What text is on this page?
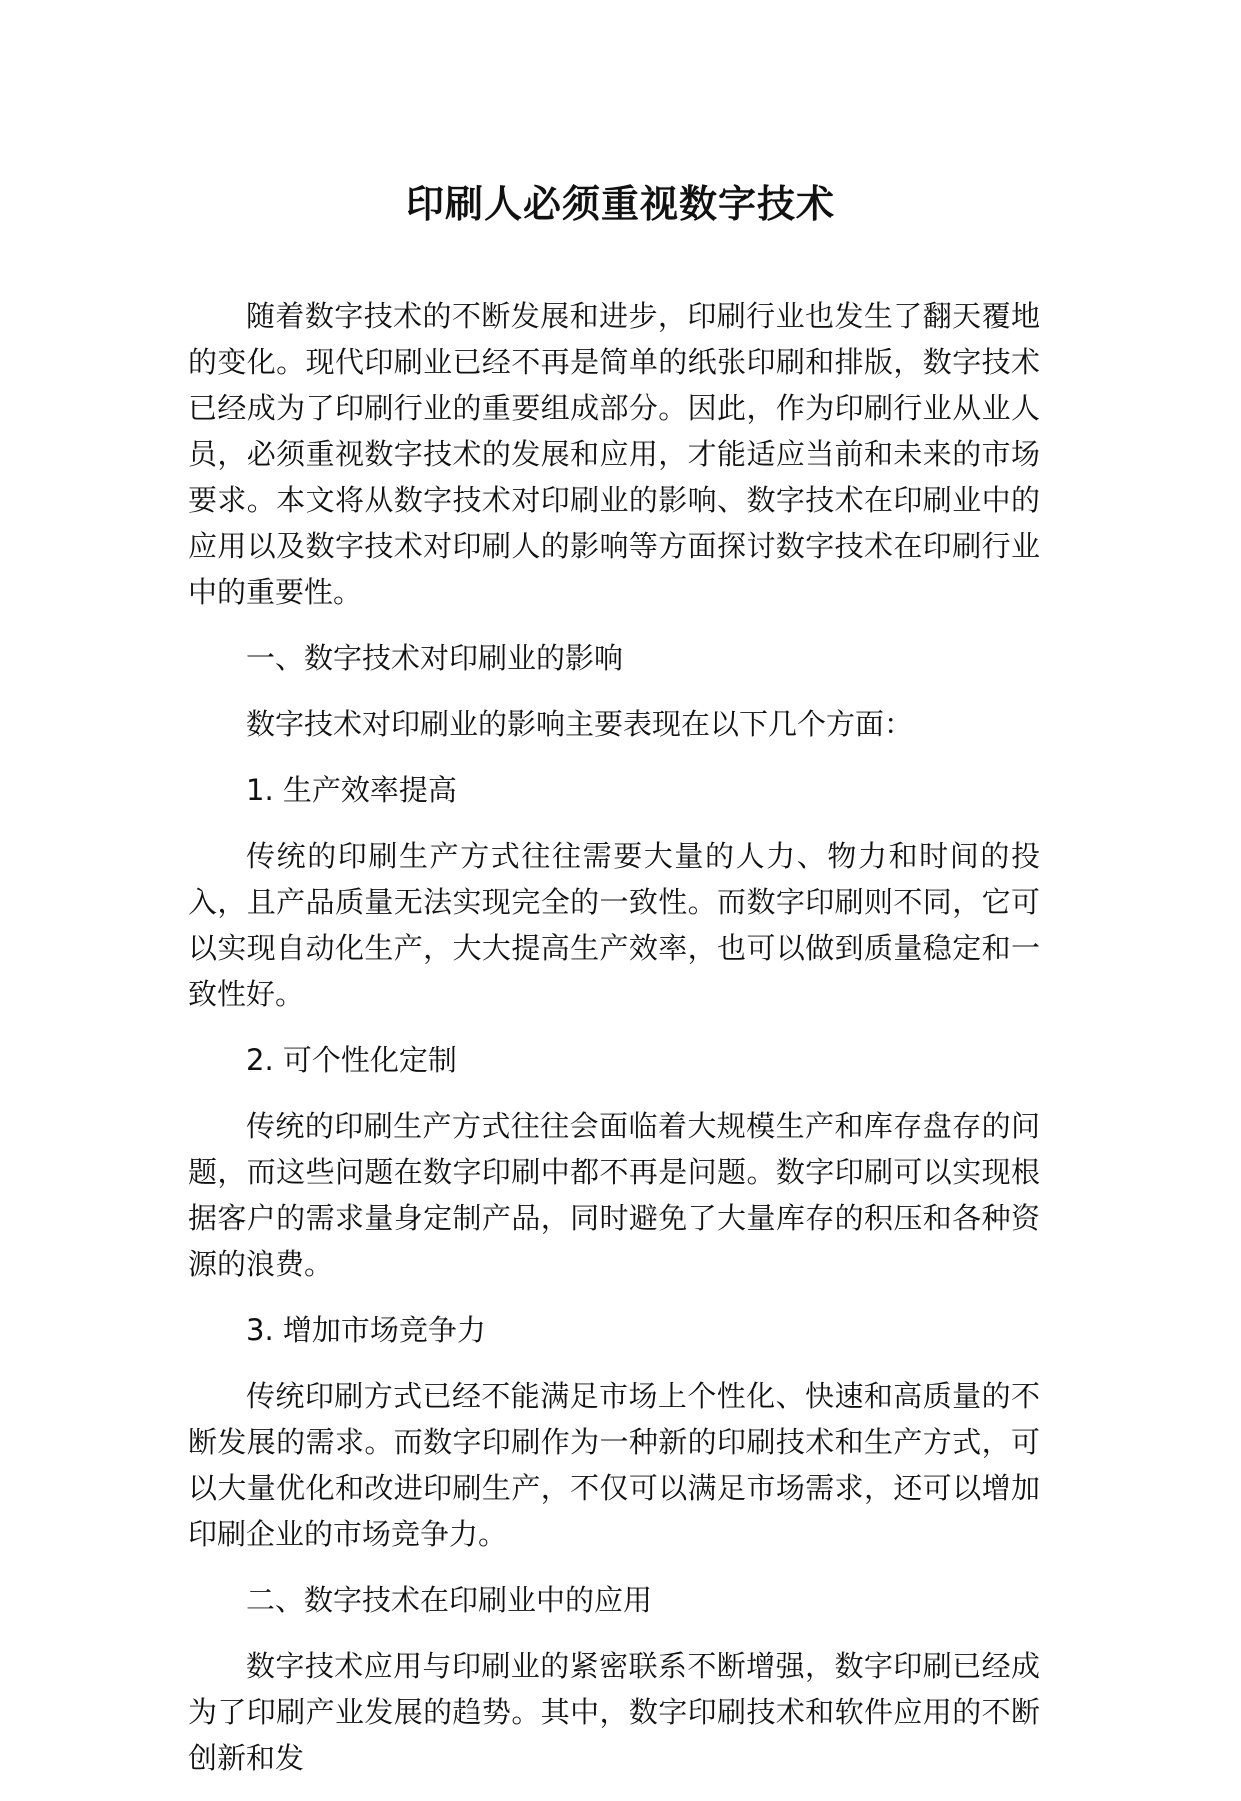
印刷人必须重视数字技术

随着数字技术的不断发展和进步，印刷行业也发生了翻天覆地的变化。现代印刷业已经不再是简单的纸张印刷和排版，数字技术已经成为了印刷行业的重要组成部分。因此，作为印刷行业从业人员，必须重视数字技术的发展和应用，才能适应当前和未来的市场要求。本文将从数字技术对印刷业的影响、数字技术在印刷业中的应用以及数字技术对印刷人的影响等方面探讨数字技术在印刷行业中的重要性。

一、数字技术对印刷业的影响

数字技术对印刷业的影响主要表现在以下几个方面：

1. 生产效率提高

传统的印刷生产方式往往需要大量的人力、物力和时间的投入，且产品质量无法实现完全的一致性。而数字印刷则不同，它可以实现自动化生产，大大提高生产效率，也可以做到质量稳定和一致性好。

2. 可个性化定制

传统的印刷生产方式往往会面临着大规模生产和库存盘存的问题，而这些问题在数字印刷中都不再是问题。数字印刷可以实现根据客户的需求量身定制产品，同时避免了大量库存的积压和各种资源的浪费。

3. 增加市场竞争力

传统印刷方式已经不能满足市场上个性化、快速和高质量的不断发展的需求。而数字印刷作为一种新的印刷技术和生产方式，可以大量优化和改进印刷生产，不仅可以满足市场需求，还可以增加印刷企业的市场竞争力。

二、数字技术在印刷业中的应用

数字技术应用与印刷业的紧密联系不断增强，数字印刷已经成为了印刷产业发展的趋势。其中，数字印刷技术和软件应用的不断创新和发
